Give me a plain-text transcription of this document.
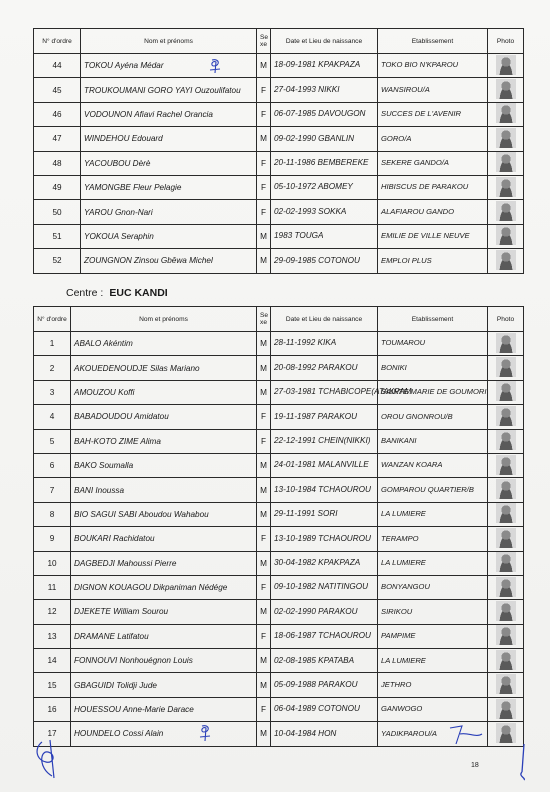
N° d'ordre	Nom et prénoms	Se xe	Date et Lieu de naissance	Etablissement	Photo
44	TOKOU Ayéna Médar	M	18-09-1981 KPAKPAZA	TOKO BIO N'KPAROU	
45	TROUKOUMANI GORO YAYI Ouzoulifatou	F	27-04-1993 NIKKI	WANSIROU/A	
46	VODOUNON Afiavi Rachel Orancia	F	06-07-1985 DAVOUGON	SUCCES DE L'AVENIR	
47	WINDEHOU Edouard	M	09-02-1990 GBANLIN	GORO/A	
48	YACOUBOU Dèrè	F	20-11-1986 BEMBEREKE	SEKERE GANDO/A	
49	YAMONGBE Fleur Pelagie	F	05-10-1972 ABOMEY	HIBISCUS DE PARAKOU	
50	YAROU Gnon-Nari	F	02-02-1993 SOKKA	ALAFIAROU GANDO	
51	YOKOUA Seraphin	M	1983 TOUGA	EMILIE DE VILLE NEUVE	
52	ZOUNGNON Zinsou Gbêwa Michel	M	29-09-1985 COTONOU	EMPLOI PLUS	
Centre : EUC KANDI
N° d'ordre	Nom et prénoms	Se xe	Date et Lieu de naissance	Etablissement	Photo
1	ABALO Akéntim	M	28-11-1992 KIKA	TOUMAROU	
2	AKOUEDENOUDJE Silas Mariano	M	20-08-1992 PARAKOU	BONIKI	
3	AMOUZOU Koffi	M	27-03-1981 TCHABICOPE(ATAKPAM	SAINTE MARIE DE GOUMORI	
4	BABADOUDOU Amidatou	F	19-11-1987 PARAKOU	OROU GNONROU/B	
5	BAH-KOTO ZIME Alima	F	22-12-1991 CHEIN(NIKKI)	BANIKANI	
6	BAKO Soumalla	M	24-01-1981 MALANVILLE	WANZAN KOARA	
7	BANI Inoussa	M	13-10-1984 TCHAOUROU	GOMPAROU QUARTIER/B	
8	BIO SAGUI SABI Aboudou Wahabou	M	29-11-1991 SORI	LA LUMIERE	
9	BOUKARI Rachidatou	F	13-10-1989 TCHAOUROU	TERAMPO	
10	DAGBEDJI Mahoussi Pierre	M	30-04-1982 KPAKPAZA	LA LUMIERE	
11	DIGNON KOUAGOU Dikpaniman Nédége	F	09-10-1982 NATITINGOU	BONYANGOU	
12	DJEKETE William Sourou	M	02-02-1990 PARAKOU	SIRIKOU	
13	DRAMANE Latifatou	F	18-06-1987 TCHAOUROU	PAMPIME	
14	FONNOUVI Nonhouégnon Louis	M	02-08-1985 KPATABA	LA LUMIERE	
15	GBAGUIDI Tolidji Jude	M	05-09-1988 PARAKOU	JETHRO	
16	HOUESSOU Anne-Marie Darace	F	06-04-1989 COTONOU	GANWOGO	
17	HOUNDELO Cossi Alain	M	10-04-1984 HON	YADIKPAROU/A	
18
